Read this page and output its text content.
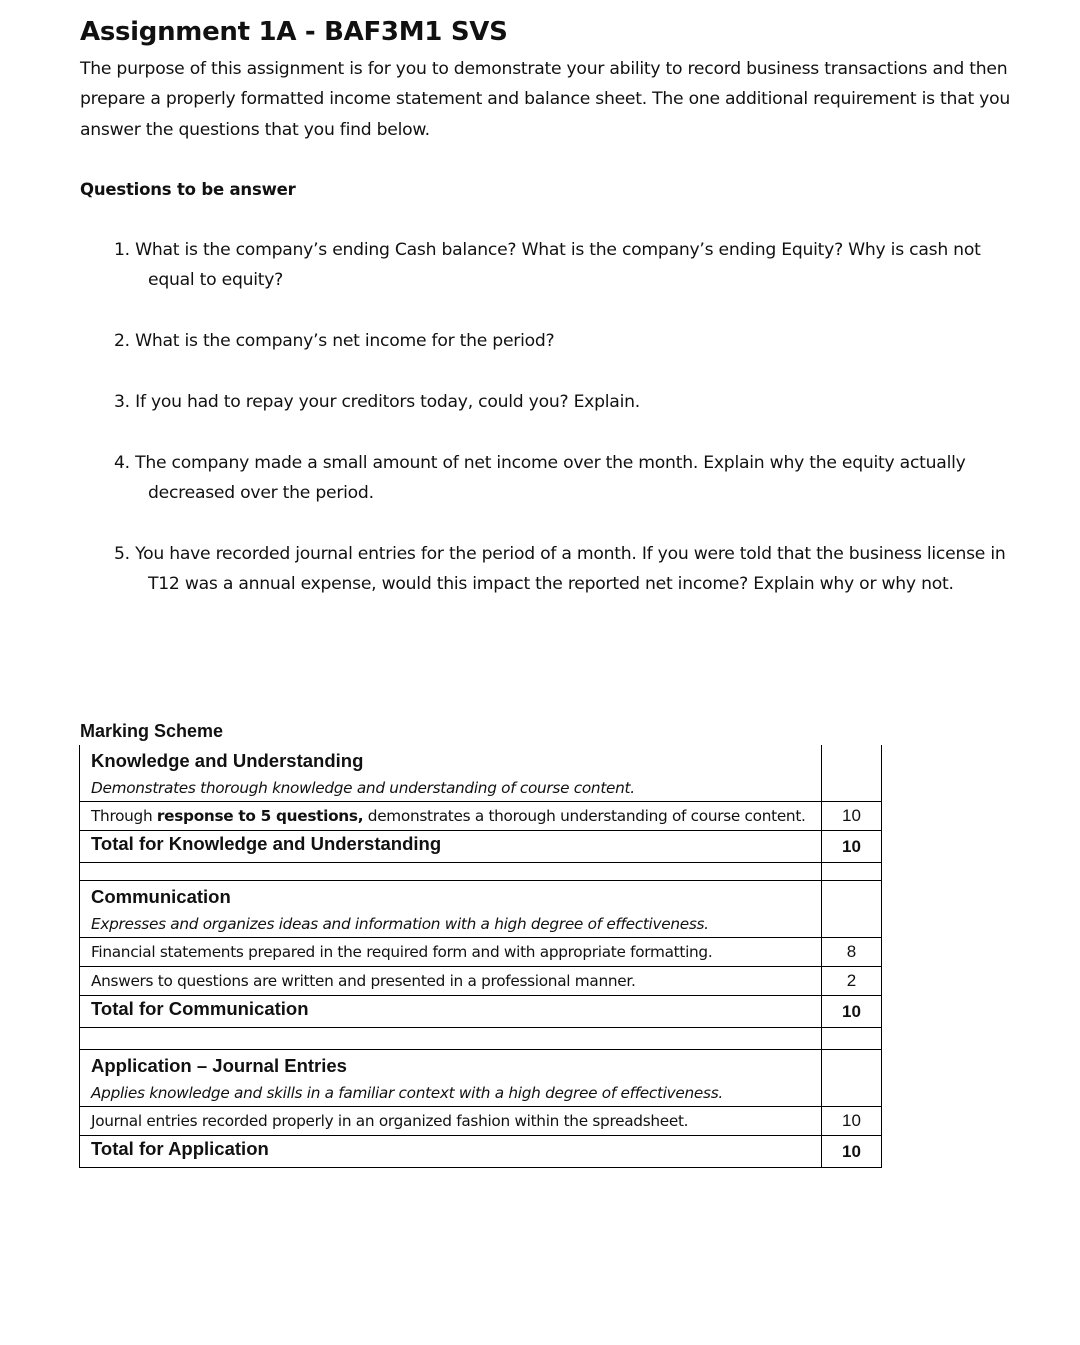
Assignment 1A - BAF3M1 SVS

The purpose of this assignment is for you to demonstrate your ability to record business transactions and then prepare a properly formatted income statement and balance sheet. The one additional requirement is that you answer the questions that you find below.

Questions to be answer

1. What is the company’s ending Cash balance? What is the company’s ending Equity? Why is cash not equal to equity?
2. What is the company’s net income for the period?
3. If you had to repay your creditors today, could you? Explain.
4. The company made a small amount of net income over the month. Explain why the equity actually decreased over the period.
5. You have recorded journal entries for the period of a month. If you were told that the business license in T12 was a annual expense, would this impact the reported net income? Explain why or why not.

Marking Scheme

Knowledge and Understanding
Demonstrates thorough knowledge and understanding of course content.	

Through response to 5 questions, demonstrates a thorough understanding of course content.	10
Total for Knowledge and Understanding	10

Communication
Expresses and organizes ideas and information with a high degree of effectiveness.	

Financial statements prepared in the required form and with appropriate formatting.	8
Answers to questions are written and presented in a professional manner.	2
Total for Communication	10

Application – Journal Entries
Applies knowledge and skills in a familiar context with a high degree of effectiveness.	

Journal entries recorded properly in an organized fashion within the spreadsheet.	10
Total for Application	10
